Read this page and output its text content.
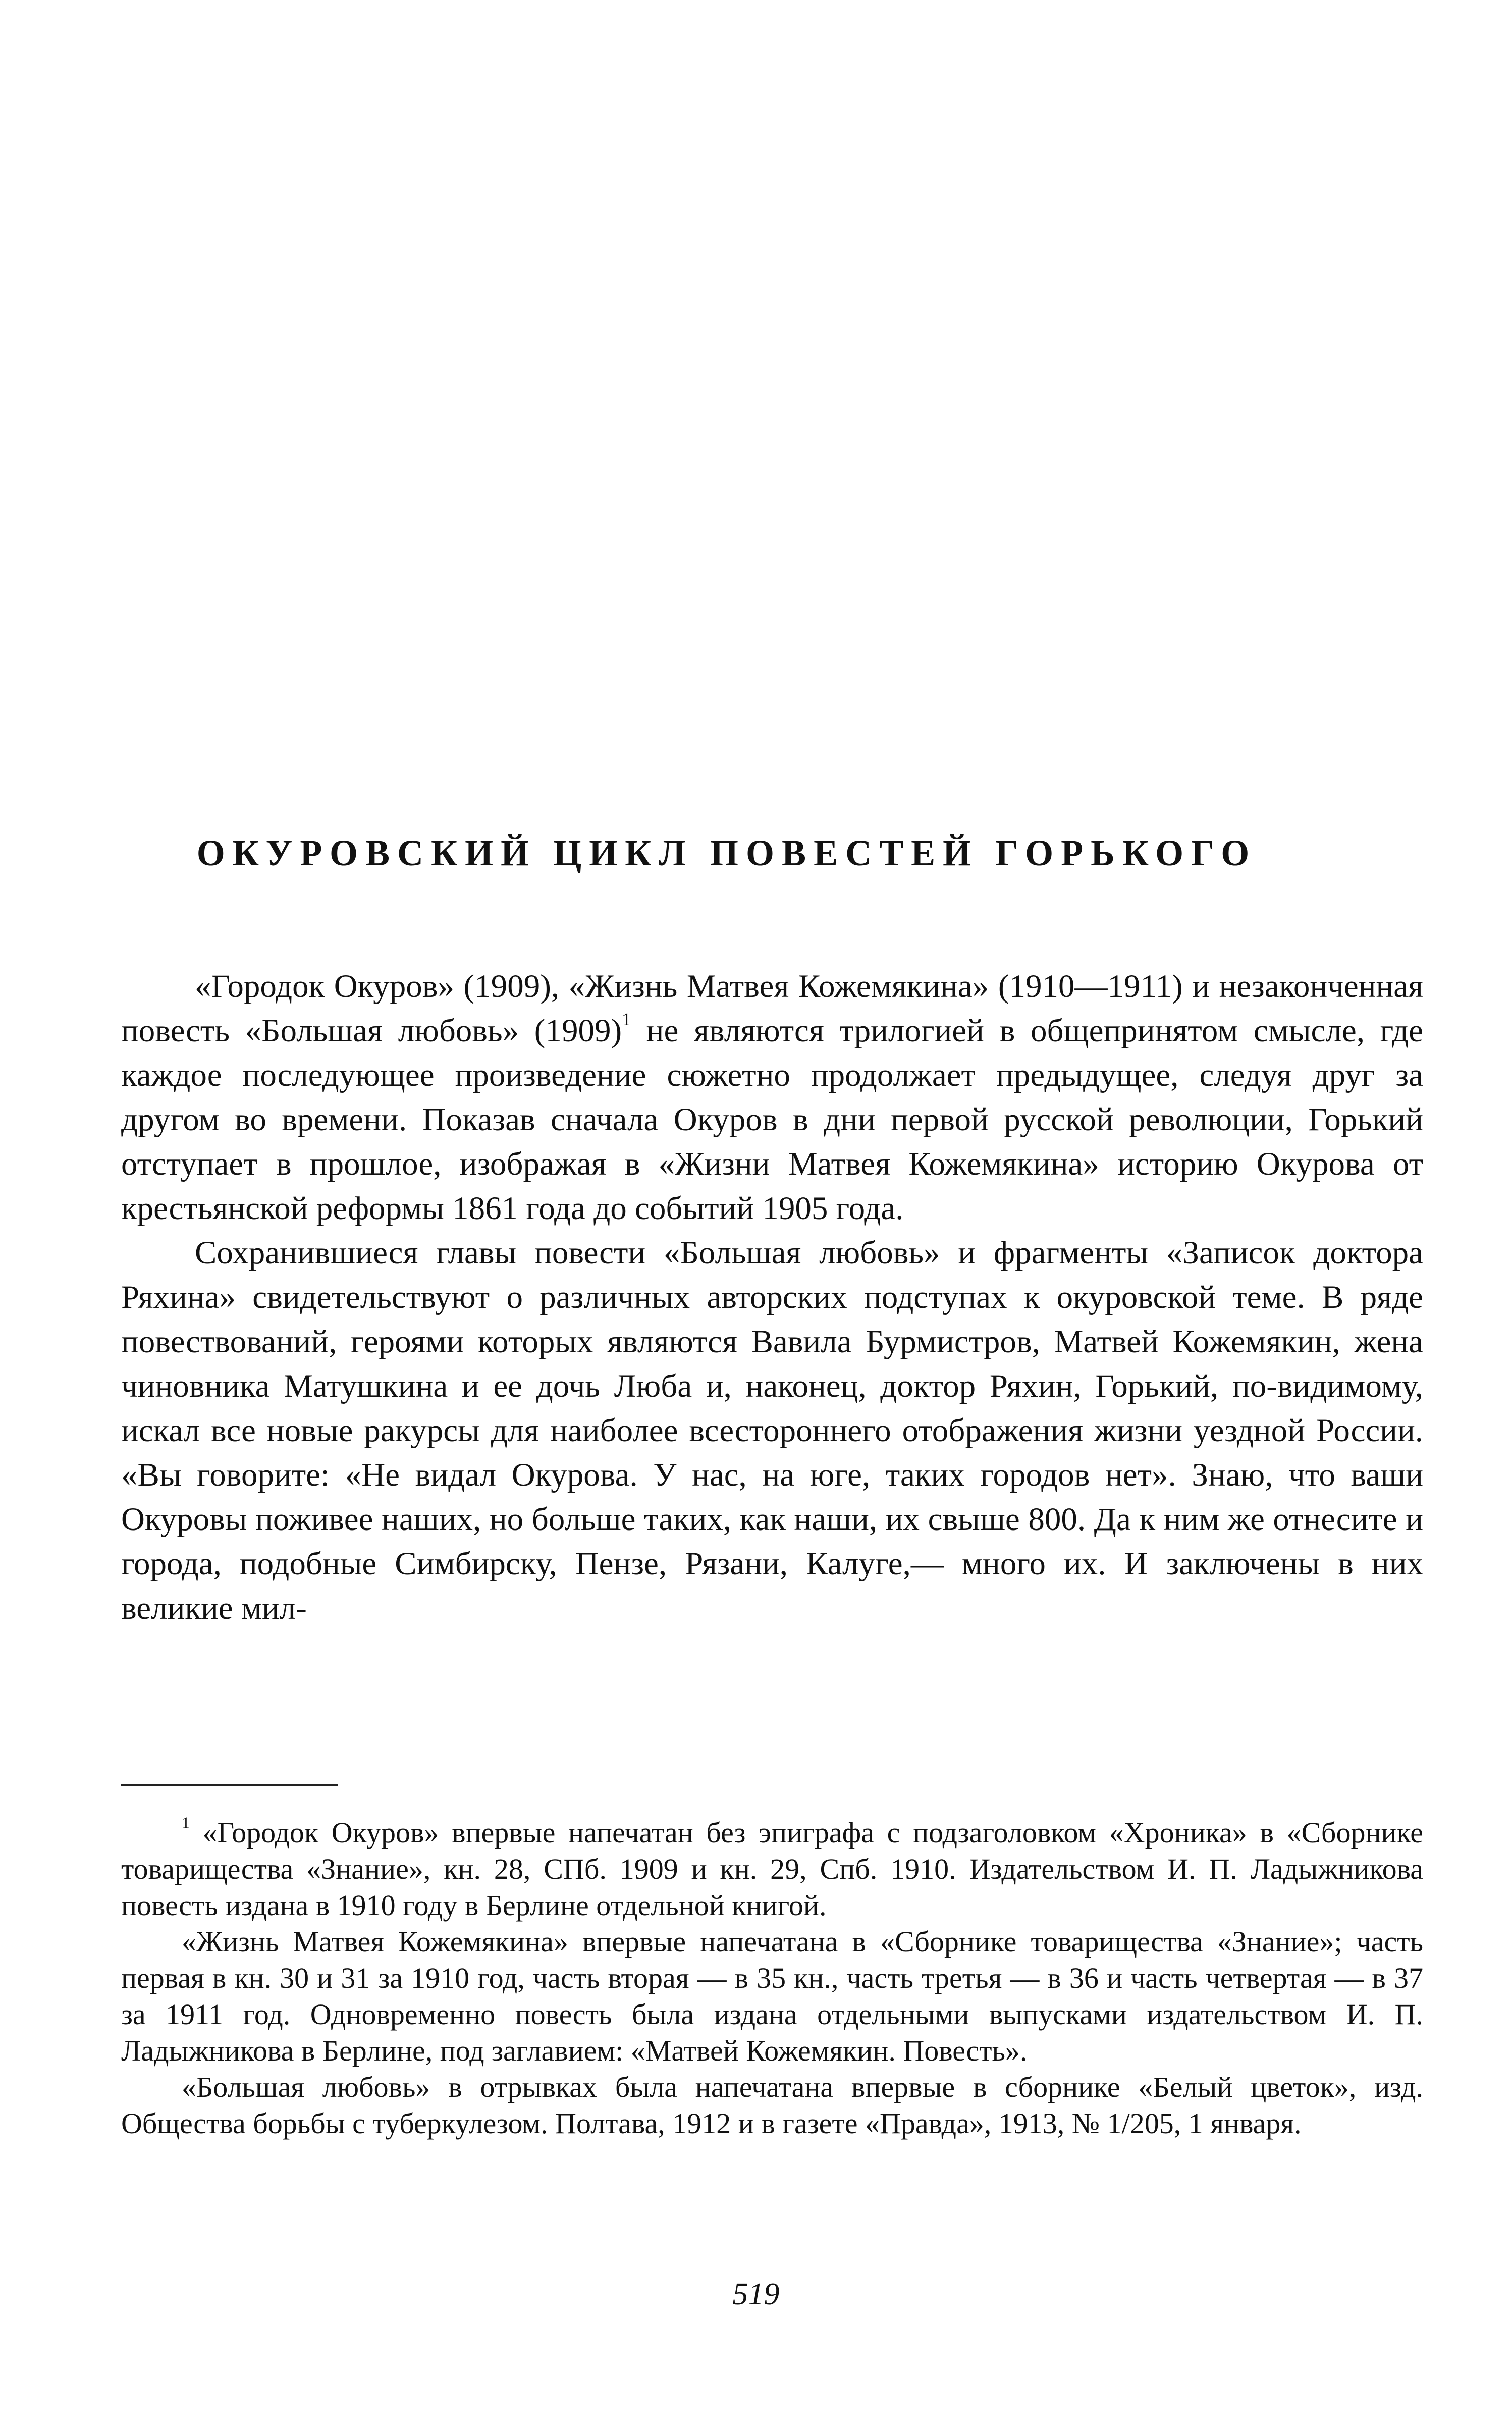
ОКУРОВСКИЙ ЦИКЛ ПОВЕСТЕЙ ГОРЬКОГО

«Городок Окуров» (1909), «Жизнь Матвея Кожемякина» (1910—1911) и незаконченная повесть «Большая любовь» $(1909)^1$ не являются трилогией в общепринятом смысле, где каждое последующее произведение сюжетно продолжает предыдущее, следуя друг за другом во времени. Показав сначала Окуров в дни первой русской революции, Горький отступает в прошлое, изображая в «Жизни Матвея Кожемякина» историю Окурова от крестьянской реформы 1861 года до событий 1905 года.

Сохранившиеся главы повести «Большая любовь» и фрагменты «Записок доктора Ряхина» свидетельствуют о различных авторских подступах к окуровской теме. В ряде повествований, героями которых являются Вавила Бурмистров, Матвей Кожемякин, жена чиновника Матушкина и ее дочь Люба и, наконец, доктор Ряхин, Горький, по-видимому, искал все новые ракурсы для наиболее всестороннего отображения жизни уездной России. «Вы говорите: «Не видал Окурова. У нас, на юге, таких городов нет». Знаю, что ваши Окуровы поживее наших, но больше таких, как наши, их свыше 800. Да к ним же отнесите и города, подобные Симбирску, Пензе, Рязани, Калуге,— много их. И заключены в них великие мил-

$^1$ «Городок Окуров» впервые напечатан без эпиграфа с подзаголовком «Хроника» в «Сборнике товарищества «Знание», кн. 28, СПб. 1909 и кн. 29, Спб. 1910. Издательством И. П. Ладыжникова повесть издана в 1910 году в Берлине отдельной книгой.

«Жизнь Матвея Кожемякина» впервые напечатана в «Сборнике товарищества «Знание»; часть первая в кн. 30 и 31 за 1910 год, часть вторая — в 35 кн., часть третья — в 36 и часть четвертая — в 37 за 1911 год. Одновременно повесть была издана отдельными выпусками издательством И. П. Ладыжникова в Берлине, под заглавием: «Матвей Кожемякин. Повесть».

«Большая любовь» в отрывках была напечатана впервые в сборнике «Белый цветок», изд. Общества борьбы с туберкулезом. Полтава, 1912 и в газете «Правда», 1913, № 1/205, 1 января.

519
